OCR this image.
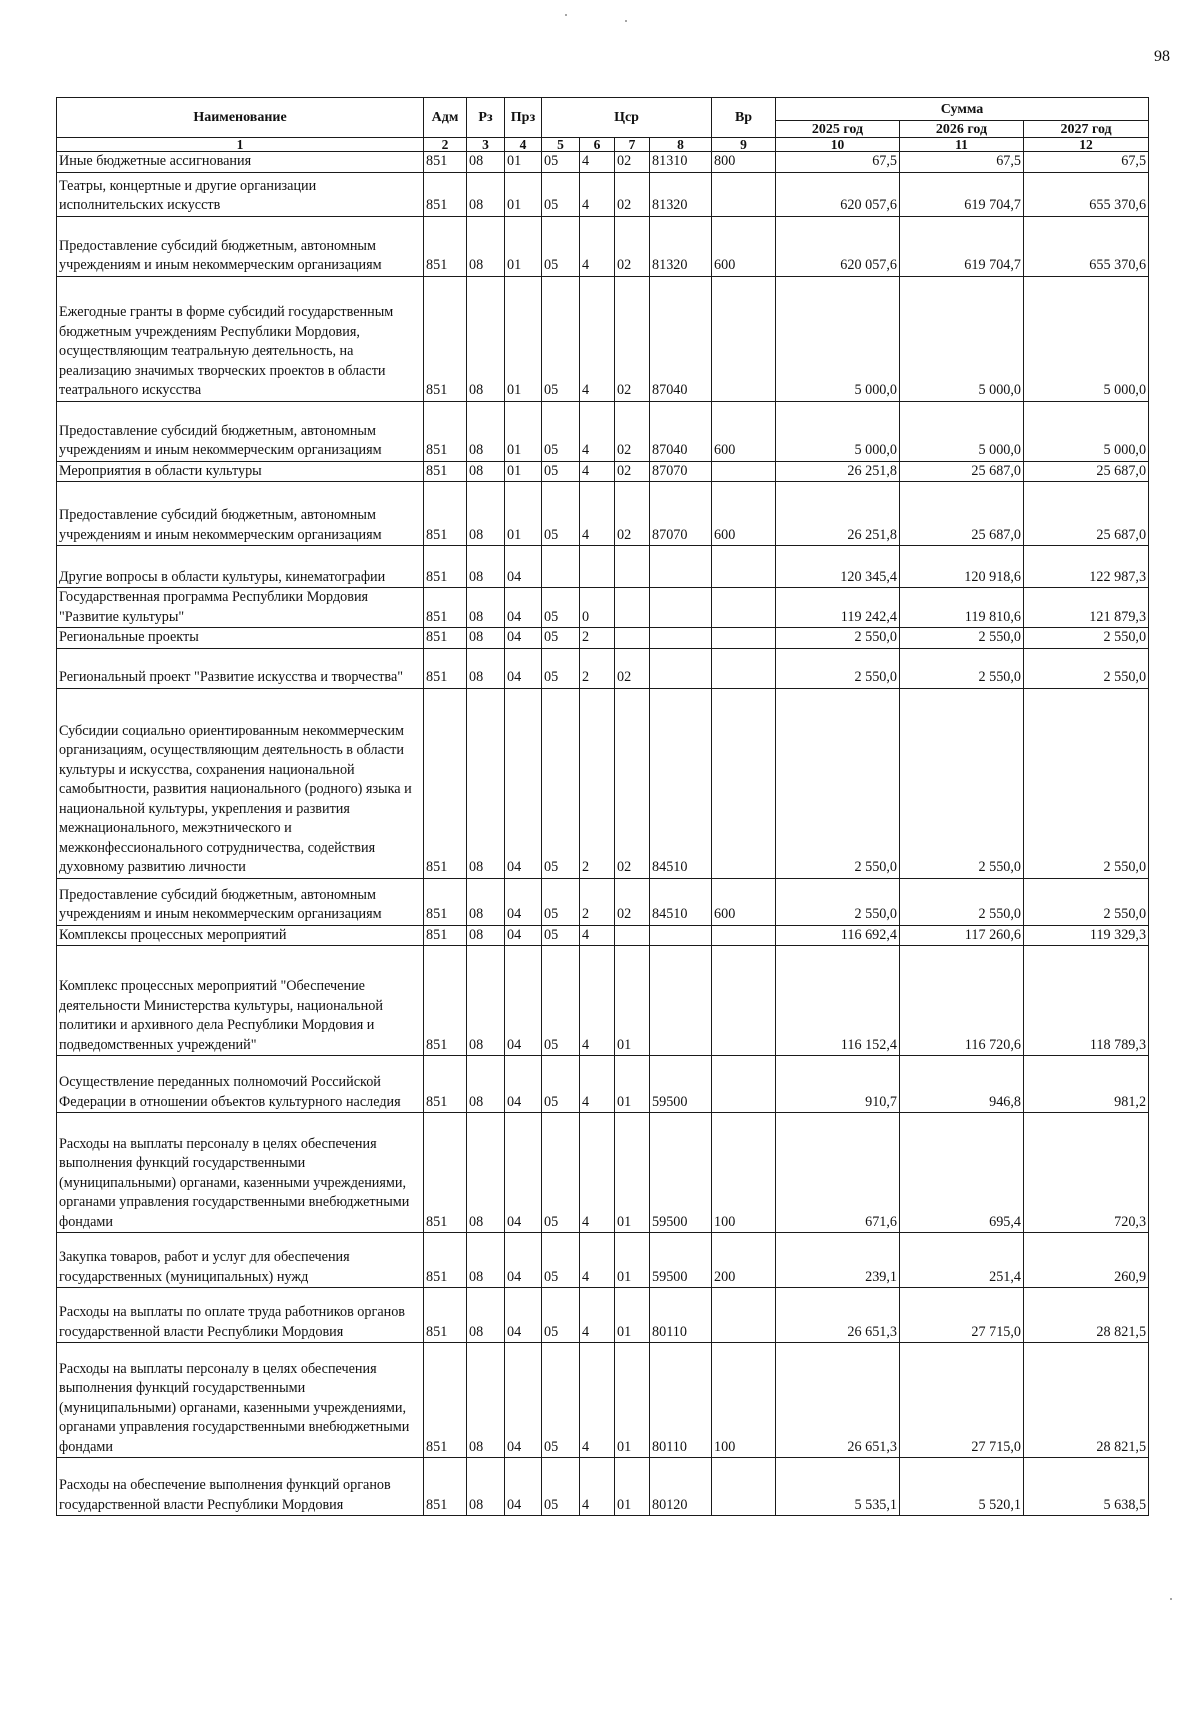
98
Наименование	Адм	Рз	Прз	Цср				Вр	Сумма		
									2025 год	2026 год	2027 год
1	2	3	4	5	6	7	8	9	10	11	12
Иные бюджетные ассигнования	851	08	01	05	4	02	81310	800	67,5	67,5	67,5
Театры, концертные и другие организации исполнительских искусств	851	08	01	05	4	02	81320		620 057,6	619 704,7	655 370,6
Предоставление субсидий бюджетным, автономным учреждениям и иным некоммерческим организациям	851	08	01	05	4	02	81320	600	620 057,6	619 704,7	655 370,6
Ежегодные гранты в форме субсидий государственным бюджетным учреждениям Республики Мордовия, осуществляющим театральную деятельность, на реализацию значимых творческих проектов в области театрального искусства	851	08	01	05	4	02	87040		5 000,0	5 000,0	5 000,0
Предоставление субсидий бюджетным, автономным учреждениям и иным некоммерческим организациям	851	08	01	05	4	02	87040	600	5 000,0	5 000,0	5 000,0
Мероприятия в области культуры	851	08	01	05	4	02	87070		26 251,8	25 687,0	25 687,0
Предоставление субсидий бюджетным, автономным учреждениям и иным некоммерческим организациям	851	08	01	05	4	02	87070	600	26 251,8	25 687,0	25 687,0
Другие вопросы в области культуры, кинематографии	851	08	04						120 345,4	120 918,6	122 987,3
Государственная программа Республики Мордовия "Развитие культуры"	851	08	04	05	0				119 242,4	119 810,6	121 879,3
Региональные проекты	851	08	04	05	2				2 550,0	2 550,0	2 550,0
Региональный проект "Развитие искусства и творчества"	851	08	04	05	2	02			2 550,0	2 550,0	2 550,0
Субсидии социально ориентированным некоммерческим организациям, осуществляющим деятельность в области культуры и искусства, сохранения национальной самобытности, развития национального (родного) языка и национальной культуры, укрепления и развития межнационального, межэтнического и межконфессионального сотрудничества, содействия духовному развитию личности	851	08	04	05	2	02	84510		2 550,0	2 550,0	2 550,0
Предоставление субсидий бюджетным, автономным учреждениям и иным некоммерческим организациям	851	08	04	05	2	02	84510	600	2 550,0	2 550,0	2 550,0
Комплексы процессных мероприятий	851	08	04	05	4				116 692,4	117 260,6	119 329,3
Комплекс процессных мероприятий "Обеспечение деятельности Министерства культуры, национальной политики и архивного дела Республики Мордовия и подведомственных учреждений"	851	08	04	05	4	01			116 152,4	116 720,6	118 789,3
Осуществление переданных полномочий Российской Федерации в отношении объектов культурного наследия	851	08	04	05	4	01	59500		910,7	946,8	981,2
Расходы на выплаты персоналу в целях обеспечения выполнения функций государственными (муниципальными) органами, казенными учреждениями, органами управления государственными внебюджетными фондами	851	08	04	05	4	01	59500	100	671,6	695,4	720,3
Закупка товаров, работ и услуг для обеспечения государственных (муниципальных) нужд	851	08	04	05	4	01	59500	200	239,1	251,4	260,9
Расходы на выплаты по оплате труда работников органов государственной власти Республики Мордовия	851	08	04	05	4	01	80110		26 651,3	27 715,0	28 821,5
Расходы на выплаты персоналу в целях обеспечения выполнения функций государственными (муниципальными) органами, казенными учреждениями, органами управления государственными внебюджетными фондами	851	08	04	05	4	01	80110	100	26 651,3	27 715,0	28 821,5
Расходы на обеспечение выполнения функций органов государственной власти Республики Мордовия	851	08	04	05	4	01	80120		5 535,1	5 520,1	5 638,5
